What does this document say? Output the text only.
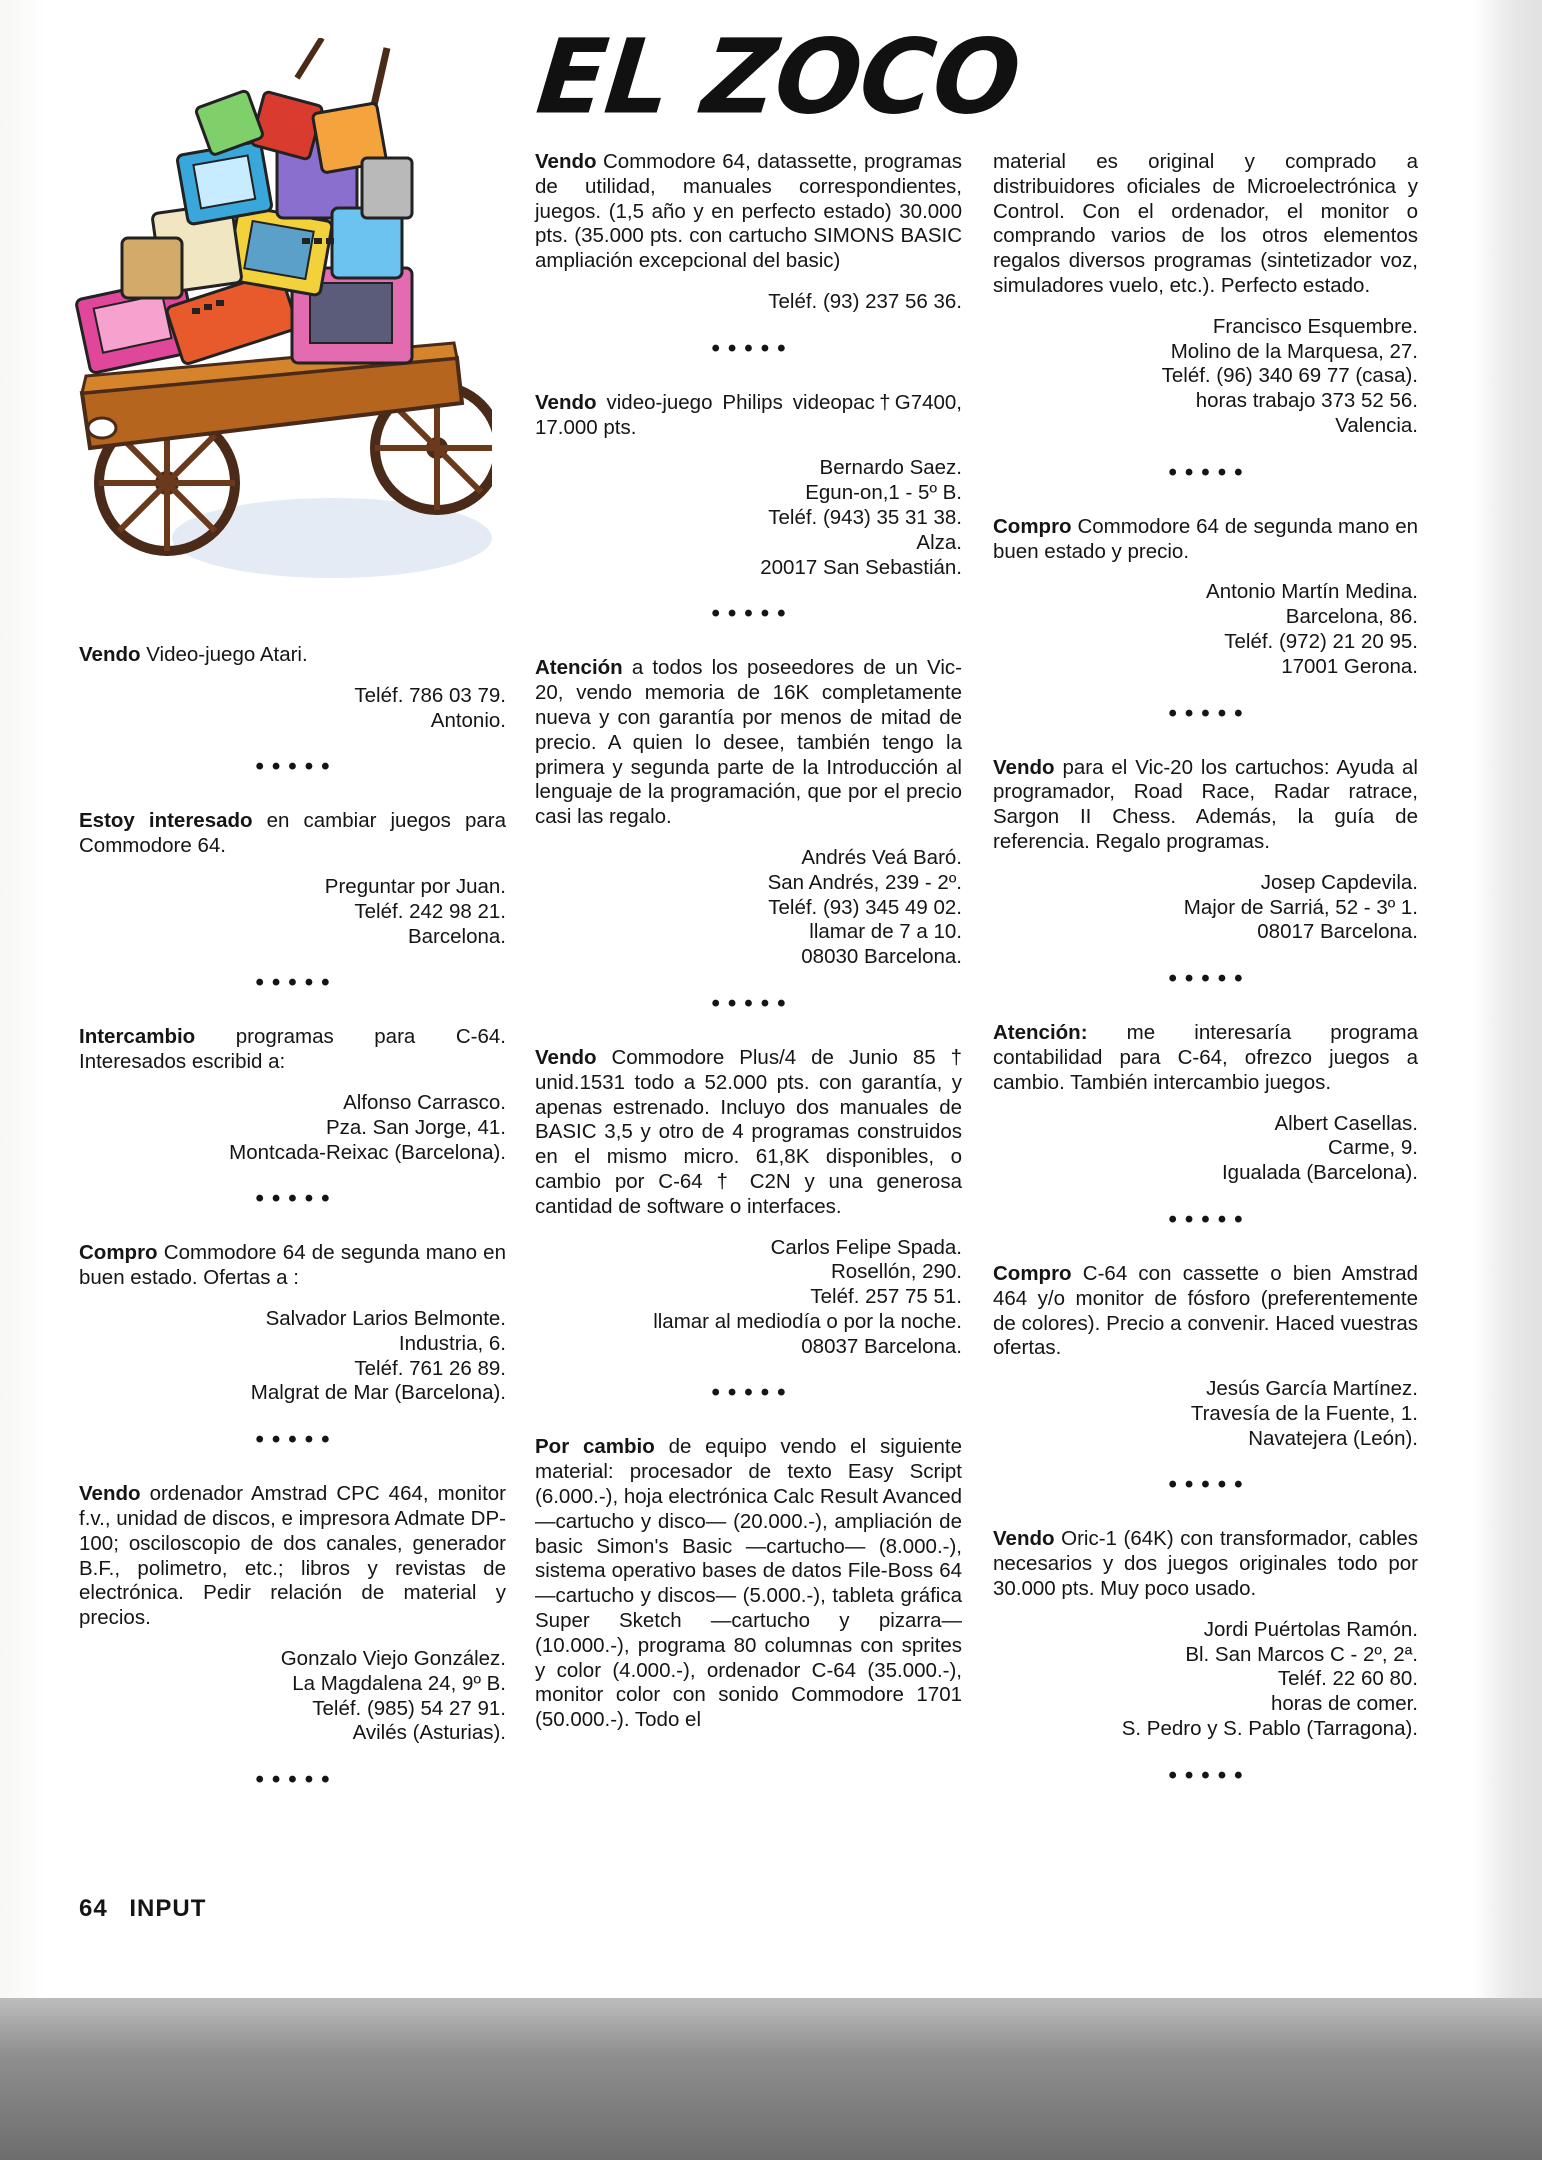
EL ZOCO

Vendo Video-juego Atari.

Teléf. 786 03 79.
Antonio.
•••••

Estoy interesado en cambiar juegos para Commodore 64.

Preguntar por Juan.
Teléf. 242 98 21.
Barcelona.
•••••

Intercambio programas para C-64. Interesados escribid a:

Alfonso Carrasco.
Pza. San Jorge, 41.
Montcada-Reixac (Barcelona).
•••••

Compro Commodore 64 de segunda mano en buen estado. Ofertas a :

Salvador Larios Belmonte.
Industria, 6.
Teléf. 761 26 89.
Malgrat de Mar (Barcelona).
•••••

Vendo ordenador Amstrad CPC 464, monitor f.v., unidad de discos, e impresora Admate DP-100; osciloscopio de dos canales, generador B.F., polimetro, etc.; libros y revistas de electrónica. Pedir relación de material y precios.

Gonzalo Viejo González.
La Magdalena 24, 9º B.
Teléf. (985) 54 27 91.
Avilés (Asturias).
•••••

Vendo Commodore 64, datassette, programas de utilidad, manuales correspondientes, juegos. (1,5 año y en perfecto estado) 30.000 pts. (35.000 pts. con cartucho SIMONS BASIC ampliación excepcional del basic)

Teléf. (93) 237 56 36.
•••••

Vendo video-juego Philips videopac†G7400, 17.000 pts.

Bernardo Saez.
Egun-on,1 - 5º B.
Teléf. (943) 35 31 38.
Alza.
20017 San Sebastián.
•••••

Atención a todos los poseedores de un Vic-20, vendo memoria de 16K completamente nueva y con garantía por menos de mitad de precio. A quien lo desee, también tengo la primera y segunda parte de la Introducción al lenguaje de la programación, que por el precio casi las regalo.

Andrés Veá Baró.
San Andrés, 239 - 2º.
Teléf. (93) 345 49 02.
llamar de 7 a 10.
08030 Barcelona.
•••••

Vendo Commodore Plus/4 de Junio 85 † unid.1531 todo a 52.000 pts. con garantía, y apenas estrenado. Incluyo dos manuales de BASIC 3,5 y otro de 4 programas construidos en el mismo micro. 61,8K disponibles, o cambio por C-64 † C2N y una generosa cantidad de software o interfaces.

Carlos Felipe Spada.
Rosellón, 290.
Teléf. 257 75 51.
llamar al mediodía o por la noche.
08037 Barcelona.
•••••

Por cambio de equipo vendo el siguiente material: procesador de texto Easy Script (6.000.-), hoja electrónica Calc Result Avanced —cartucho y disco— (20.000.-), ampliación de basic Simon's Basic —cartucho— (8.000.-), sistema operativo bases de datos File-Boss 64 —cartucho y discos— (5.000.-), tableta gráfica Super Sketch —cartucho y pizarra— (10.000.-), programa 80 columnas con sprites y color (4.000.-), ordenador C-64 (35.000.-), monitor color con sonido Commodore 1701 (50.000.-). Todo el

material es original y comprado a distribuidores oficiales de Microelectrónica y Control. Con el ordenador, el monitor o comprando varios de los otros elementos regalos diversos programas (sintetizador voz, simuladores vuelo, etc.). Perfecto estado.

Francisco Esquembre.
Molino de la Marquesa, 27.
Teléf. (96) 340 69 77 (casa).
horas trabajo 373 52 56.
Valencia.
•••••

Compro Commodore 64 de segunda mano en buen estado y precio.

Antonio Martín Medina.
Barcelona, 86.
Teléf. (972) 21 20 95.
17001 Gerona.
•••••

Vendo para el Vic-20 los cartuchos: Ayuda al programador, Road Race, Radar ratrace, Sargon II Chess. Además, la guía de referencia. Regalo programas.

Josep Capdevila.
Major de Sarriá, 52 - 3º 1.
08017 Barcelona.
•••••

Atención: me interesaría programa contabilidad para C-64, ofrezco juegos a cambio. También intercambio juegos.

Albert Casellas.
Carme, 9.
Igualada (Barcelona).
•••••

Compro C-64 con cassette o bien Amstrad 464 y/o monitor de fósforo (preferentemente de colores). Precio a convenir. Haced vuestras ofertas.

Jesús García Martínez.
Travesía de la Fuente, 1.
Navatejera (León).
•••••

Vendo Oric-1 (64K) con transformador, cables necesarios y dos juegos originales todo por 30.000 pts. Muy poco usado.

Jordi Puértolas Ramón.
Bl. San Marcos C - 2º, 2ª.
Teléf. 22 60 80.
horas de comer.
S. Pedro y S. Pablo (Tarragona).
•••••
64 INPUT
